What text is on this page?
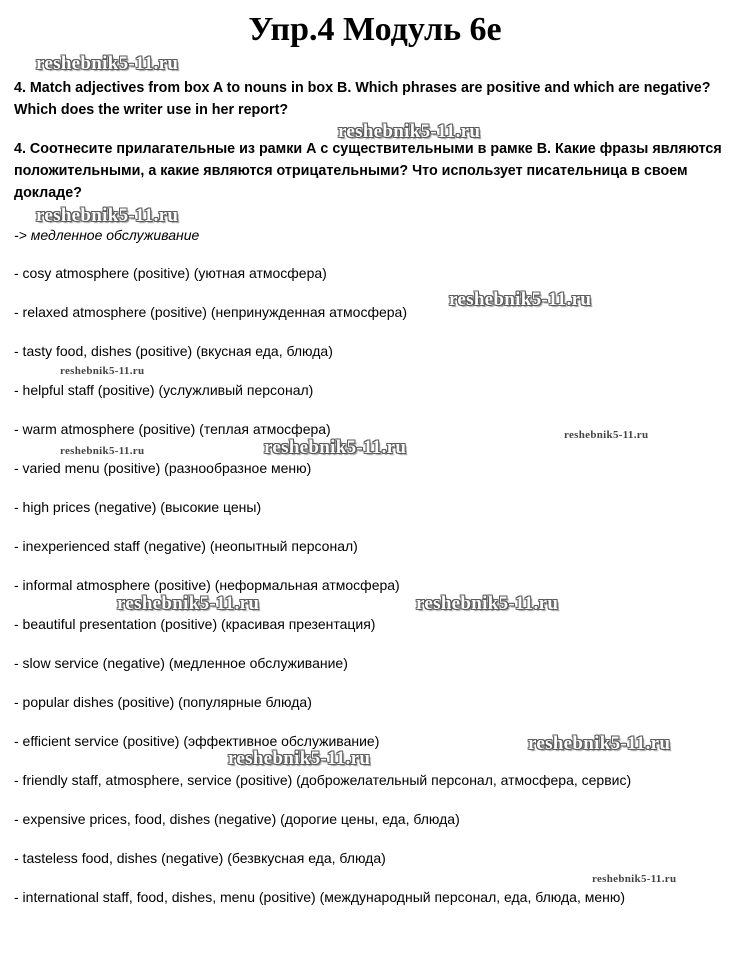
Упр.4 Модуль 6е

4. Match adjectives from box A to nouns in box B. Which phrases are positive and which are negative? Which does the writer use in her report?

4. Соотнесите прилагательные из рамки А с существительными в рамке В. Какие фразы являются положительными, а какие являются отрицательными? Что использует писательница в своем докладе?

-> медленное обслуживание

- cosy atmosphere (positive) (уютная атмосфера)
- relaxed atmosphere (positive) (непринужденная атмосфера)
- tasty food, dishes (positive) (вкусная еда, блюда)
- helpful staff (positive) (услужливый персонал)
- warm atmosphere (positive) (теплая атмосфера)
- varied menu (positive) (разнообразное меню)
- high prices (negative) (высокие цены)
- inexperienced staff (negative) (неопытный персонал)
- informal atmosphere (positive) (неформальная атмосфера)
- beautiful presentation (positive) (красивая презентация)
- slow service (negative) (медленное обслуживание)
- popular dishes (positive) (популярные блюда)
- efficient service (positive) (эффективное обслуживание)
- friendly staff, atmosphere, service (positive) (доброжелательный персонал, атмосфера, сервис)
- expensive prices, food, dishes (negative) (дорогие цены, еда, блюда)
- tasteless food, dishes (negative) (безвкусная еда, блюда)
- international staff, food, dishes, menu (positive) (международный персонал, еда, блюда, меню)
reshebnik5-11.ru
reshebnik5-11.ru
reshebnik5-11.ru
reshebnik5-11.ru
reshebnik5-11.ru
reshebnik5-11.ru
reshebnik5-11.ru
reshebnik5-11.ru
reshebnik5-11.ru	reshebnik5-11.ru
reshebnik5-11.ru
reshebnik5-11.ru
reshebnik5-11.ru
